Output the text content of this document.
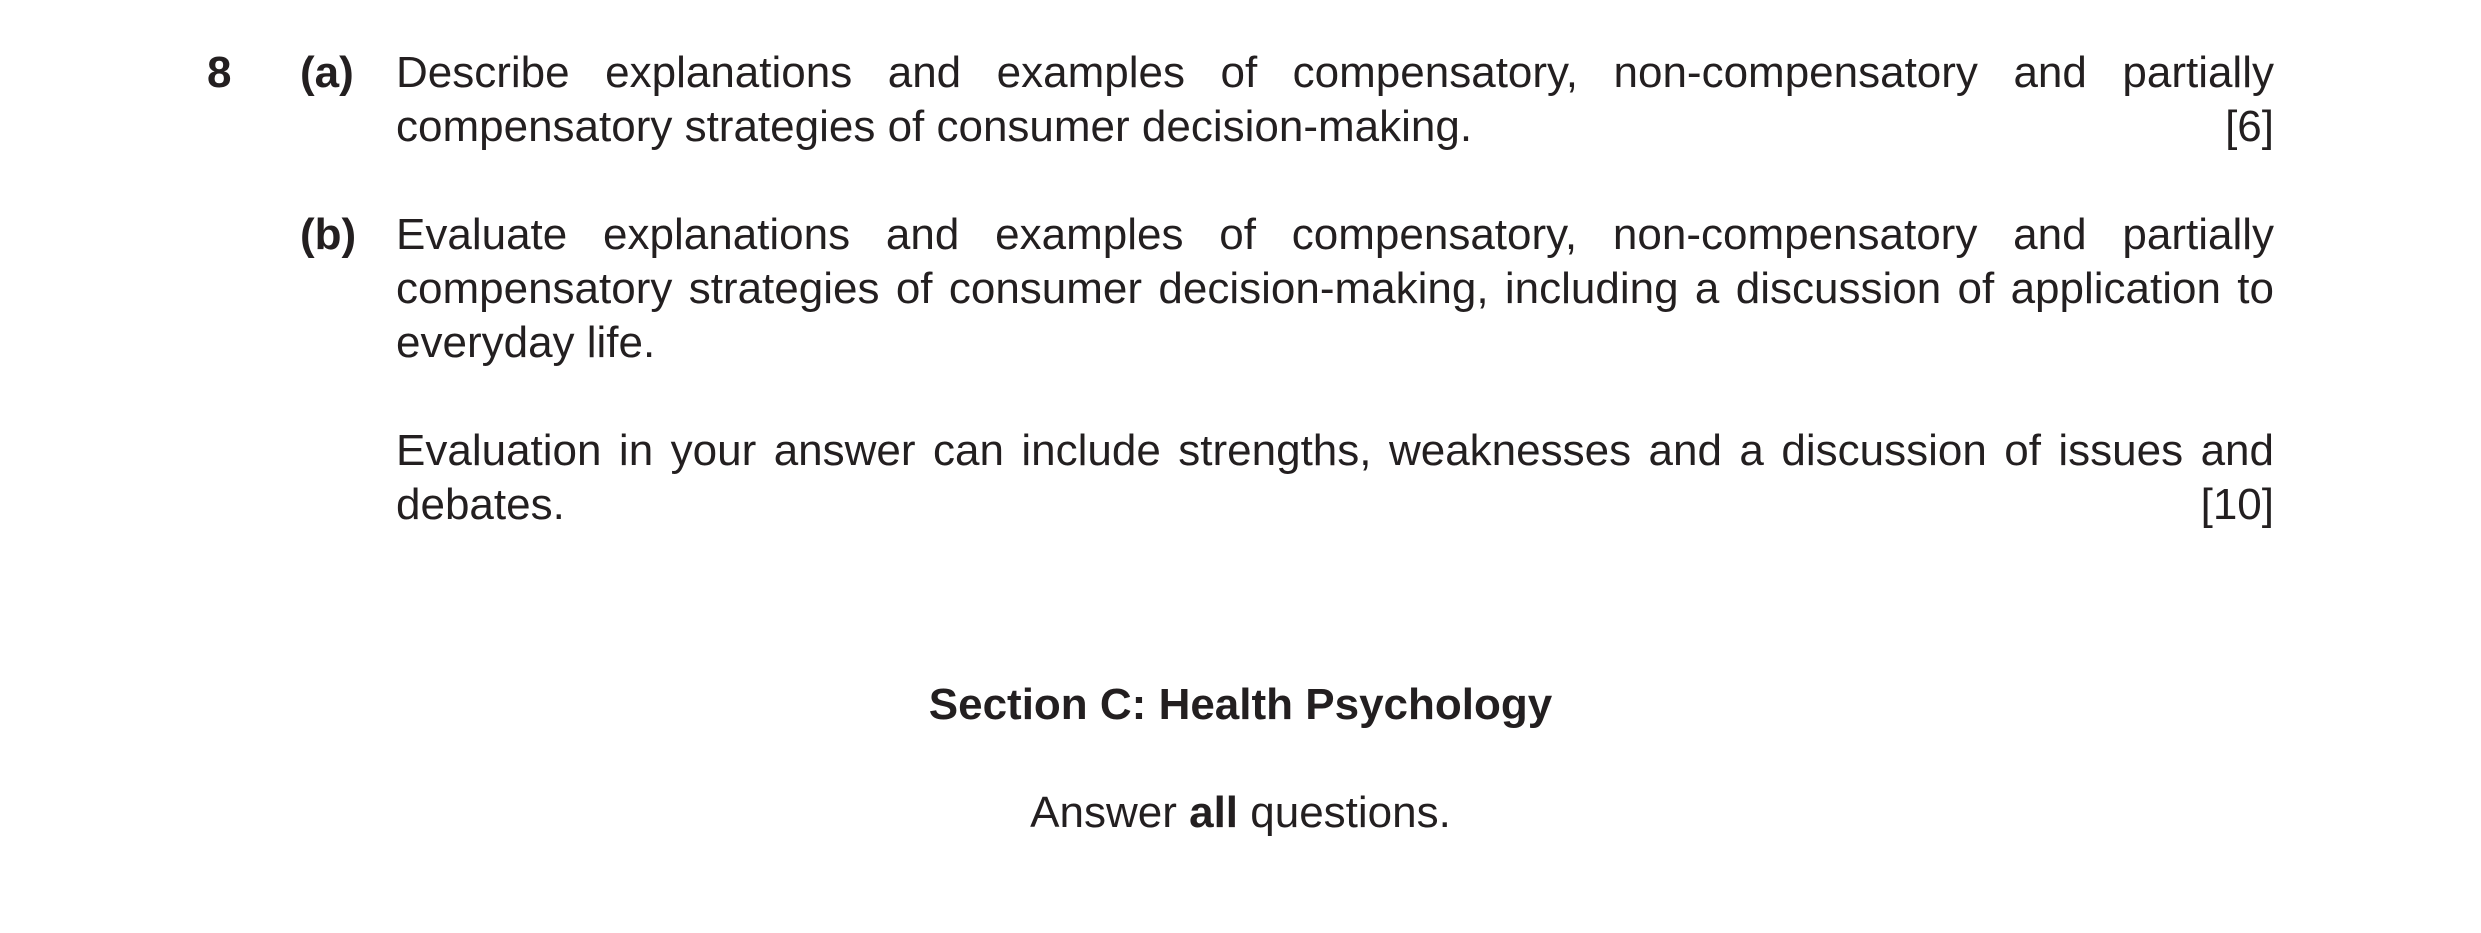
8 (a) Describe explanations and examples of compensatory, non-compensatory and partially

compensatory strategies of consumer decision-making.	[6]
(b) Evaluate explanations and examples of compensatory, non-compensatory and partially compensatory strategies of consumer decision-making, including a discussion of application to everyday life.

Evaluation in your answer can include strengths, weaknesses and a discussion of issues and

debates.	[10]
Section C: Health Psychology
Answer all questions.
